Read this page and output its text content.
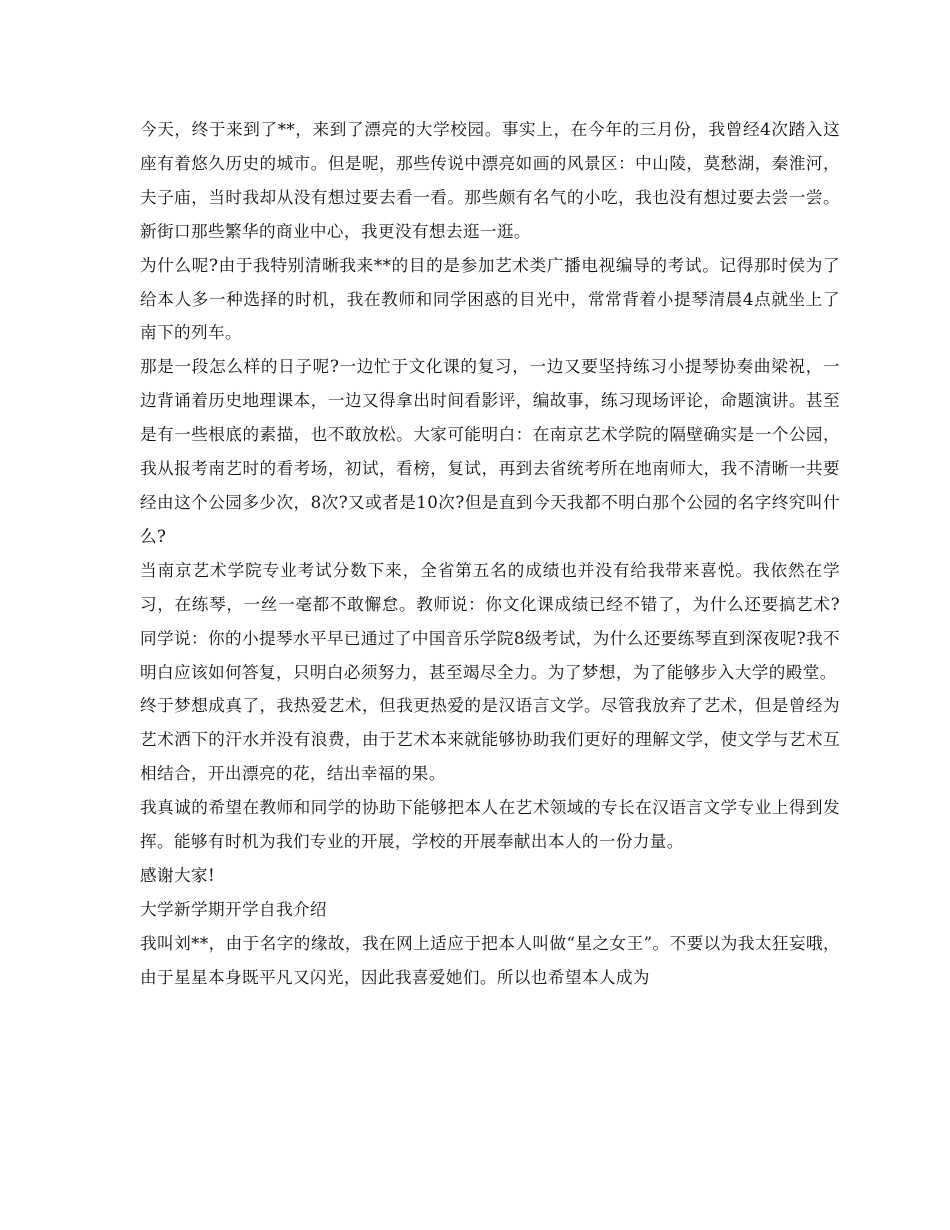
今天，终于来到了**，来到了漂亮的大学校园。事实上，在今年的三月份，我曾经4次踏入这座有着悠久历史的城市。但是呢，那些传说中漂亮如画的风景区：中山陵，莫愁湖，秦淮河，夫子庙，当时我却从没有想过要去看一看。那些颇有名气的小吃，我也没有想过要去尝一尝。新街口那些繁华的商业中心，我更没有想去逛一逛。

为什么呢?由于我特别清晰我来**的目的是参加艺术类广播电视编导的考试。记得那时侯为了给本人多一种选择的时机，我在教师和同学困惑的目光中，常常背着小提琴清晨4点就坐上了南下的列车。

那是一段怎么样的日子呢?一边忙于文化课的复习，一边又要坚持练习小提琴协奏曲梁祝，一边背诵着历史地理课本，一边又得拿出时间看影评，编故事，练习现场评论，命题演讲。甚至是有一些根底的素描，也不敢放松。大家可能明白：在南京艺术学院的隔壁确实是一个公园，我从报考南艺时的看考场，初试，看榜，复试，再到去省统考所在地南师大，我不清晰一共要经由这个公园多少次，8次?又或者是10次?但是直到今天我都不明白那个公园的名字终究叫什么?

当南京艺术学院专业考试分数下来，全省第五名的成绩也并没有给我带来喜悦。我依然在学习，在练琴，一丝一毫都不敢懈怠。教师说：你文化课成绩已经不错了，为什么还要搞艺术?同学说：你的小提琴水平早已通过了中国音乐学院8级考试，为什么还要练琴直到深夜呢?我不明白应该如何答复，只明白必须努力，甚至竭尽全力。为了梦想，为了能够步入大学的殿堂。

终于梦想成真了，我热爱艺术，但我更热爱的是汉语言文学。尽管我放弃了艺术，但是曾经为艺术洒下的汗水并没有浪费，由于艺术本来就能够协助我们更好的理解文学，使文学与艺术互相结合，开出漂亮的花，结出幸福的果。

我真诚的希望在教师和同学的协助下能够把本人在艺术领域的专长在汉语言文学专业上得到发挥。能够有时机为我们专业的开展，学校的开展奉献出本人的一份力量。

感谢大家!

大学新学期开学自我介绍

我叫刘**，由于名字的缘故，我在网上适应于把本人叫做“星之女王”。不要以为我太狂妄哦，由于星星本身既平凡又闪光，因此我喜爱她们。所以也希望本人成为
